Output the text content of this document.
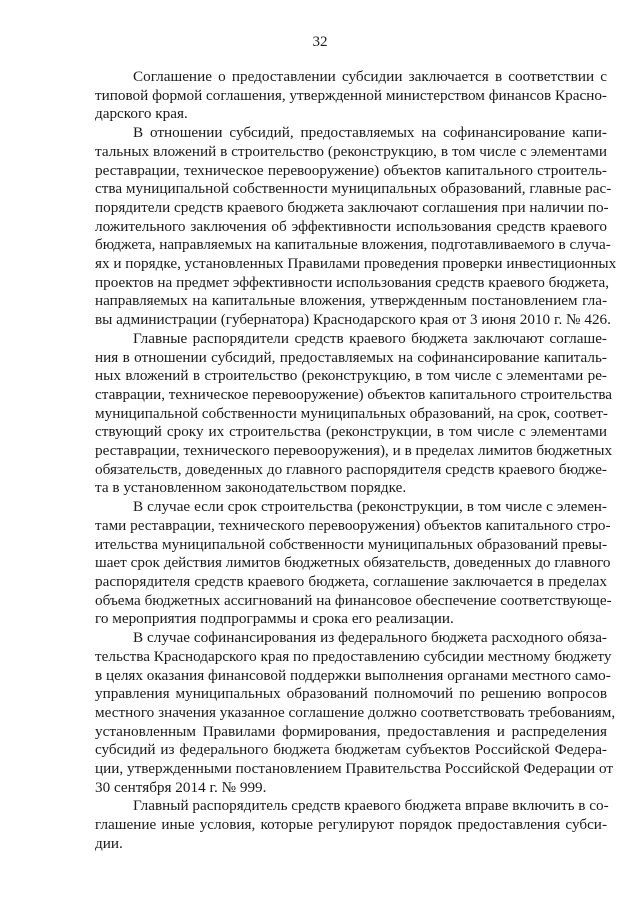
32
Соглашение о предоставлении субсидии заключается в соответствии с
типовой формой соглашения, утвержденной министерством финансов Красно-
дарского края.
В отношении субсидий, предоставляемых на софинансирование капи-
тальных вложений в строительство (реконструкцию, в том числе с элементами
реставрации, техническое перевооружение) объектов капитального строитель-
ства муниципальной собственности муниципальных образований, главные рас-
порядители средств краевого бюджета заключают соглашения при наличии по-
ложительного заключения об эффективности использования средств краевого
бюджета, направляемых на капитальные вложения, подготавливаемого в случа-
ях и порядке, установленных Правилами проведения проверки инвестиционных
проектов на предмет эффективности использования средств краевого бюджета,
направляемых на капитальные вложения, утвержденным постановлением гла-
вы администрации (губернатора) Краснодарского края от 3 июня 2010 г. № 426.
Главные распорядители средств краевого бюджета заключают соглаше-
ния в отношении субсидий, предоставляемых на софинансирование капиталь-
ных вложений в строительство (реконструкцию, в том числе с элементами ре-
ставрации, техническое перевооружение) объектов капитального строительства
муниципальной собственности муниципальных образований, на срок, соответ-
ствующий сроку их строительства (реконструкции, в том числе с элементами
реставрации, технического перевооружения), и в пределах лимитов бюджетных
обязательств, доведенных до главного распорядителя средств краевого бюдже-
та в установленном законодательством порядке.
В случае если срок строительства (реконструкции, в том числе с элемен-
тами реставрации, технического перевооружения) объектов капитального стро-
ительства муниципальной собственности муниципальных образований превы-
шает срок действия лимитов бюджетных обязательств, доведенных до главного
распорядителя средств краевого бюджета, соглашение заключается в пределах
объема бюджетных ассигнований на финансовое обеспечение соответствующе-
го мероприятия подпрограммы и срока его реализации.
В случае софинансирования из федерального бюджета расходного обяза-
тельства Краснодарского края по предоставлению субсидии местному бюджету
в целях оказания финансовой поддержки выполнения органами местного само-
управления муниципальных образований полномочий по решению вопросов
местного значения указанное соглашение должно соответствовать требованиям,
установленным Правилами формирования, предоставления и распределения
субсидий из федерального бюджета бюджетам субъектов Российской Федера-
ции, утвержденными постановлением Правительства Российской Федерации от
30 сентября 2014 г. № 999.
Главный распорядитель средств краевого бюджета вправе включить в со-
глашение иные условия, которые регулируют порядок предоставления субси-
дии.
